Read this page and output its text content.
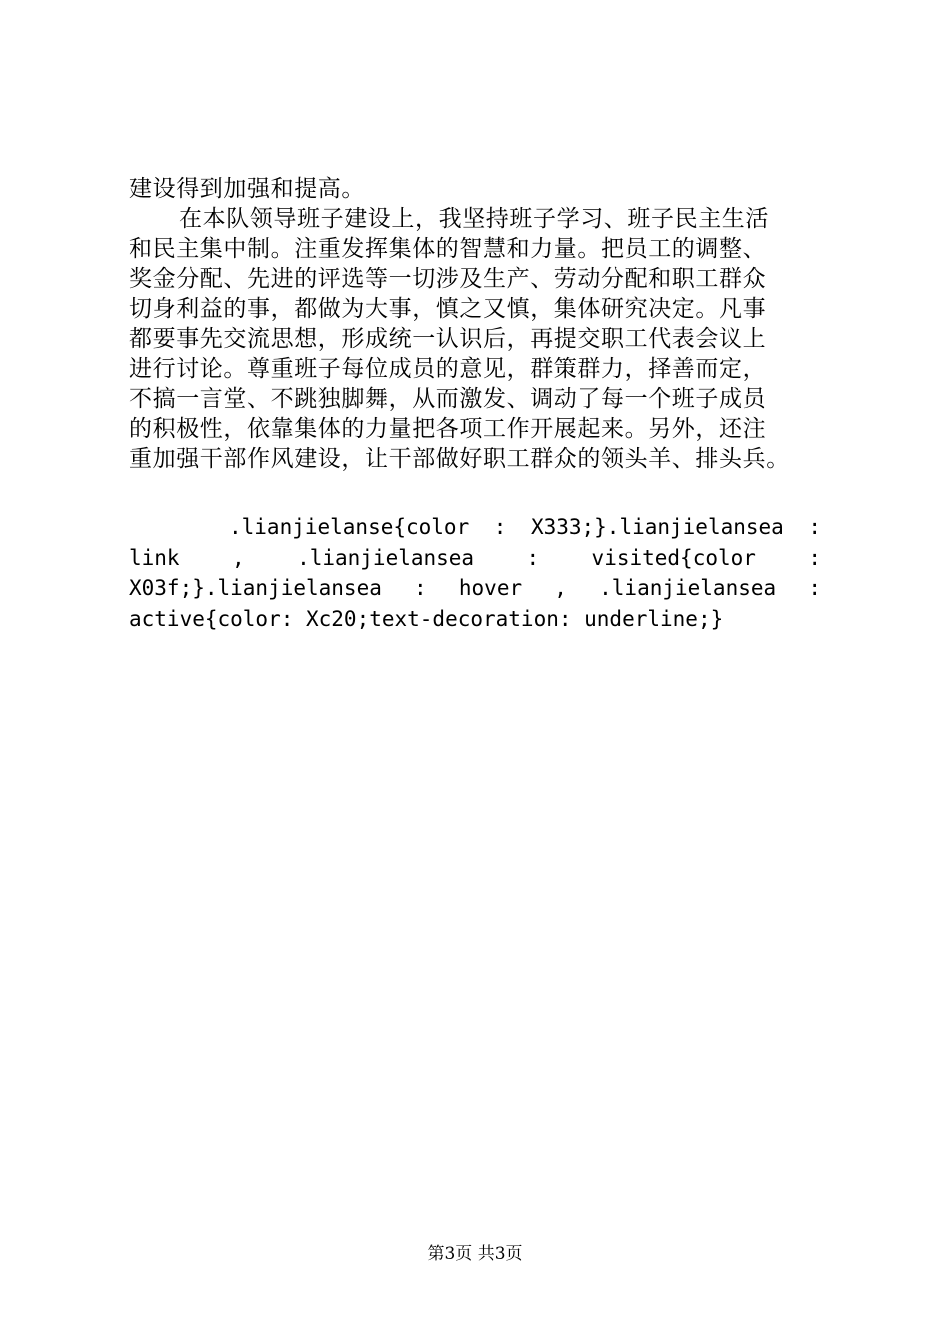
建设得到加强和提高。
在本队领导班子建设上，我坚持班子学习、班子民主生活
和民主集中制。注重发挥集体的智慧和力量。把员工的调整、
奖金分配、先进的评选等一切涉及生产、劳动分配和职工群众
切身利益的事，都做为大事，慎之又慎，集体研究决定。凡事
都要事先交流思想，形成统一认识后，再提交职工代表会议上
进行讨论。尊重班子每位成员的意见，群策群力，择善而定，
不搞一言堂、不跳独脚舞，从而激发、调动了每一个班子成员
的积极性，依靠集体的力量把各项工作开展起来。另外，还注
重加强干部作风建设，让干部做好职工群众的领头羊、排头兵。
.lianjielanse{color : X333;}.lianjielansea :
link , .lianjielansea : visited{color :
X03f;}.lianjielansea : hover , .lianjielansea :
active{color: Xc20;text-decoration: underline;}
第3页 共3页
